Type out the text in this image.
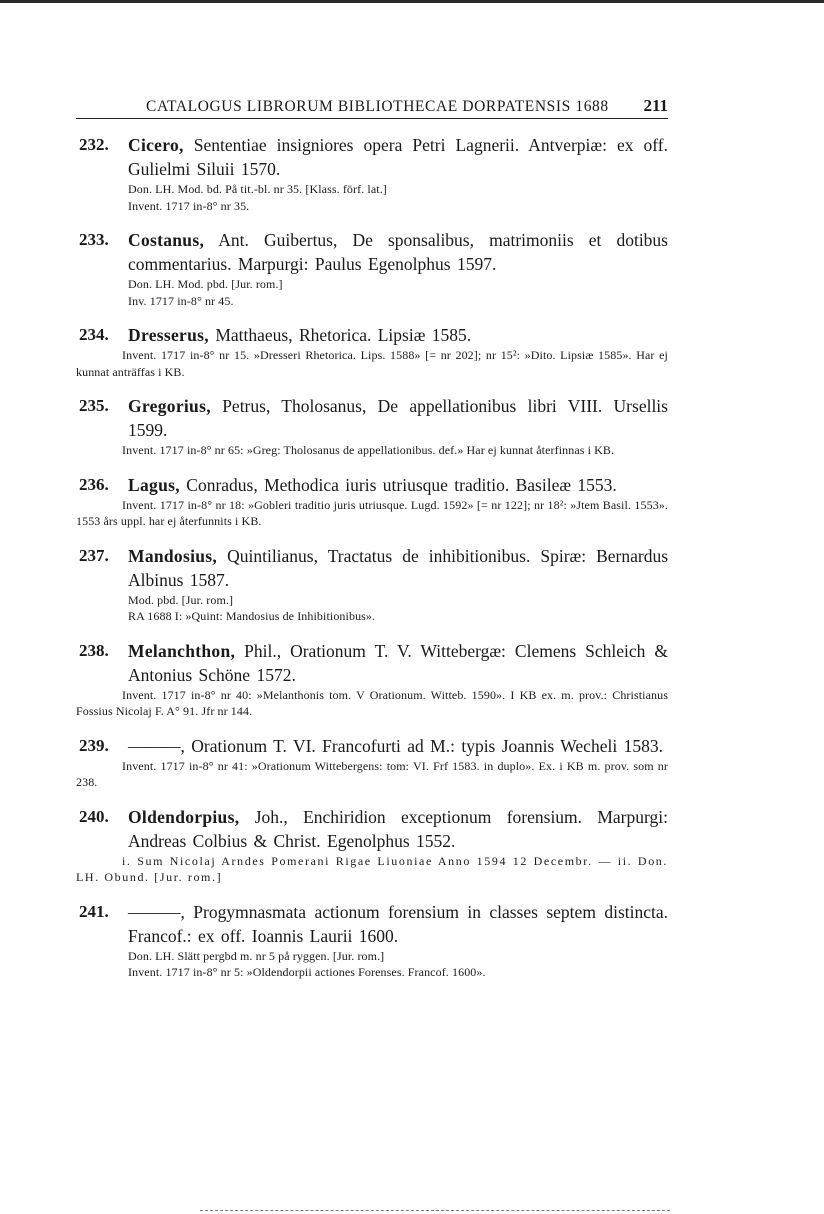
CATALOGUS LIBRORUM BIBLIOTHECAE DORPATENSIS 1688 211
232. Cicero, Sententiae insigniores opera Petri Lagnerii. Antverpiæ: ex off. Gulielmi Siluii 1570.
Don. LH. Mod. bd. På tit.-bl. nr 35. [Klass. förf. lat.]
Invent. 1717 in-8° nr 35.
233. Costanus, Ant. Guibertus, De sponsalibus, matrimoniis et dotibus commentarius. Marpurgi: Paulus Egenolphus 1597.
Don. LH. Mod. pbd. [Jur. rom.]
Inv. 1717 in-8° nr 45.
234. Dresserus, Matthaeus, Rhetorica. Lipsiæ 1585.
Invent. 1717 in-8° nr 15. »Dresseri Rhetorica. Lips. 1588» [= nr 202]; nr 15²: »Dito. Lipsiæ 1585». Har ej kunnat anträffas i KB.
235. Gregorius, Petrus, Tholosanus, De appellationibus libri VIII. Ursellis 1599.
Invent. 1717 in-8° nr 65: »Greg: Tholosanus de appellationibus. def.» Har ej kunnat återfinnas i KB.
236. Lagus, Conradus, Methodica iuris utriusque traditio. Basileæ 1553.
Invent. 1717 in-8° nr 18: »Gobleri traditio juris utriusque. Lugd. 1592» [= nr 122]; nr 18²: »Jtem Basil. 1553». 1553 års uppl. har ej återfunnits i KB.
237. Mandosius, Quintilianus, Tractatus de inhibitionibus. Spiræ: Bernardus Albinus 1587.
Mod. pbd. [Jur. rom.]
RA 1688 I: »Quint: Mandosius de Inhibitionibus».
238. Melanchthon, Phil., Orationum T. V. Wittebergæ: Clemens Schleich & Antonius Schöne 1572.
Invent. 1717 in-8° nr 40: »Melanthonis tom. V Orationum. Witteb. 1590». I KB ex. m. prov.: Christianus Fossius Nicolaj F. A° 91. Jfr nr 144.
239. ———, Orationum T. VI. Francofurti ad M.: typis Joannis Wecheli 1583.
Invent. 1717 in-8° nr 41: »Orationum Wittebergens: tom: VI. Frf 1583. in duplo». Ex. i KB m. prov. som nr 238.
240. Oldendorpius, Joh., Enchiridion exceptionum forensium. Marpurgi: Andreas Colbius & Christ. Egenolphus 1552.
i. Sum Nicolaj Arndes Pomerani Rigae Liuoniae Anno 1594 12 Decembr. — ii. Don. LH. Obund. [Jur. rom.]
241. ———, Progymnasmata actionum forensium in classes septem distincta. Francof.: ex off. Ioannis Laurii 1600.
Don. LH. Slätt pergbd m. nr 5 på ryggen. [Jur. rom.]
Invent. 1717 in-8° nr 5: »Oldendorpii actiones Forenses. Francof. 1600».
